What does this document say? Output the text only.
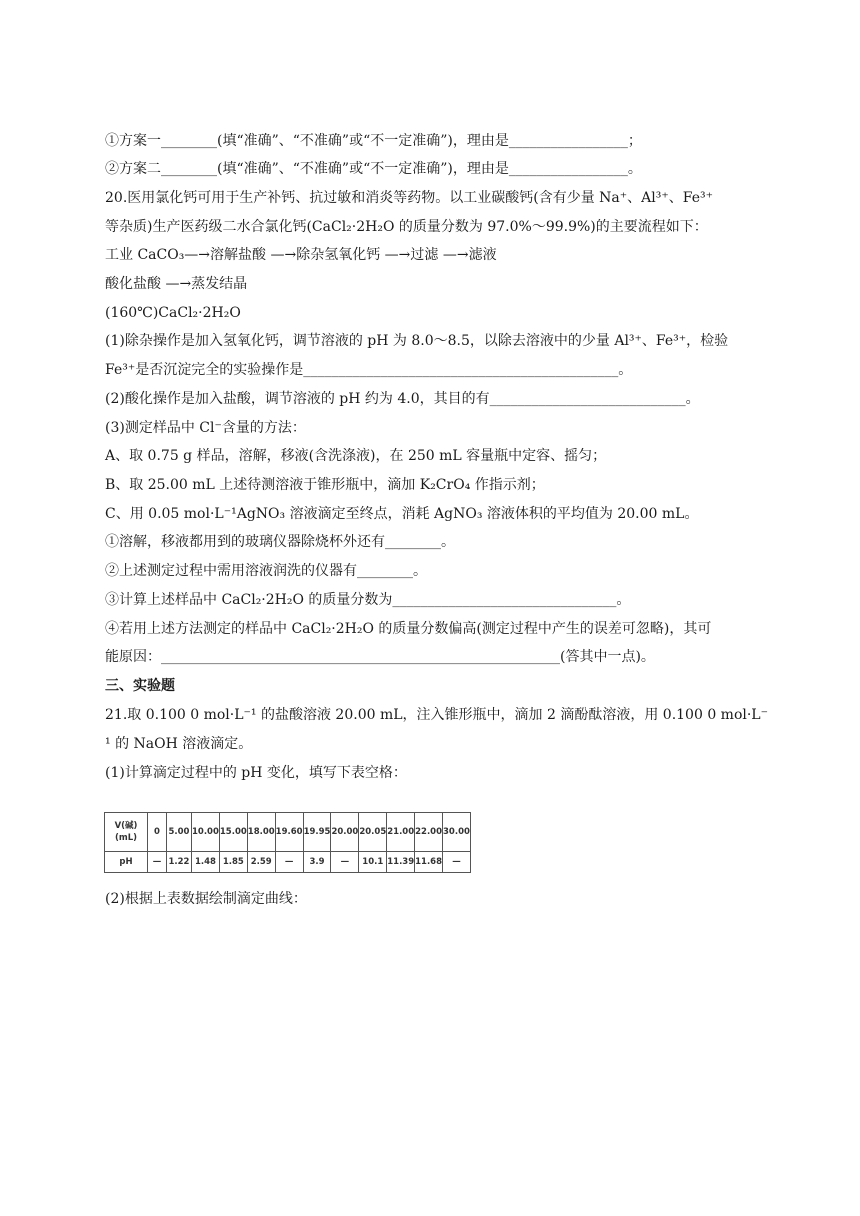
①方案一________(填“准确”、“不准确”或“不一定准确”)，理由是_________________；
②方案二________(填“准确”、“不准确”或“不一定准确”)，理由是_________________。
20.医用氯化钙可用于生产补钙、抗过敏和消炎等药物。以工业碳酸钙(含有少量 Na⁺、Al³⁺、Fe³⁺
等杂质)生产医药级二水合氯化钙(CaCl₂·2H₂O 的质量分数为 97.0%～99.9%)的主要流程如下：
工业 CaCO₃—→溶解盐酸 —→除杂氢氧化钙 —→过滤 —→滤液
酸化盐酸 —→蒸发结晶
(160℃)CaCl₂·2H₂O
(1)除杂操作是加入氢氧化钙，调节溶液的 pH 为 8.0～8.5，以除去溶液中的少量 Al³⁺、Fe³⁺，检验
Fe³⁺是否沉淀完全的实验操作是_____________________________________________。
(2)酸化操作是加入盐酸，调节溶液的 pH 约为 4.0，其目的有____________________________。
(3)测定样品中 Cl⁻含量的方法：
A、取 0.75 g 样品，溶解，移液(含洗涤液)，在 250 mL 容量瓶中定容、摇匀；
B、取 25.00 mL 上述待测溶液于锥形瓶中，滴加 K₂CrO₄ 作指示剂；
C、用 0.05 mol·L⁻¹AgNO₃ 溶液滴定至终点，消耗 AgNO₃ 溶液体积的平均值为 20.00 mL。
①溶解，移液都用到的玻璃仪器除烧杯外还有________。
②上述测定过程中需用溶液润洗的仪器有________。
③计算上述样品中 CaCl₂·2H₂O 的质量分数为________________________________。
④若用上述方法测定的样品中 CaCl₂·2H₂O 的质量分数偏高(测定过程中产生的误差可忽略)，其可
能原因：_________________________________________________________(答其中一点)。
三、实验题
21.取 0.100 0 mol·L⁻¹ 的盐酸溶液 20.00 mL，注入锥形瓶中，滴加 2 滴酚酞溶液，用 0.100 0 mol·L⁻
¹ 的 NaOH 溶液滴定。
(1)计算滴定过程中的 pH 变化，填写下表空格：
V(碱)(mL)	0	5.00	10.00	15.00	18.00	19.60	19.95	20.00	20.05	21.00	22.00	30.00
pH	—	1.22	1.48	1.85	2.59	—	3.9	—	10.1	11.39	11.68	—
(2)根据上表数据绘制滴定曲线：
